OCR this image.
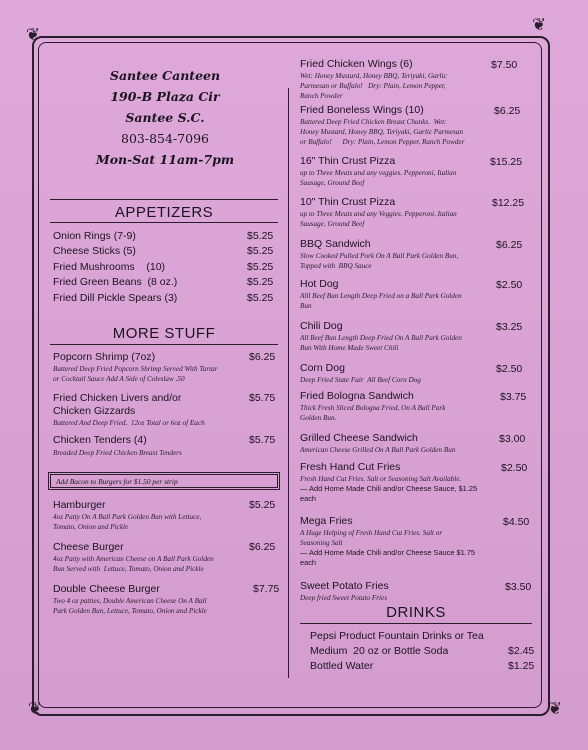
❦
❦
❦	❦
Santee Canteen
190-B Plaza Cir
Santee S.C.
803-854-7096
Mon-Sat 11am-7pm
APPETIZERS
Onion Rings (7-9)	$5.25
Cheese Sticks (5)	$5.25
Fried Mushrooms    (10)	$5.25
Fried Green Beans  (8 oz.)	$5.25
Fried Dill Pickle Spears (3)	$5.25
MORE STUFF
Popcorn Shrimp (7oz)	$6.25
Battered Deep Fried Popcorn Shrimp Served With Tartar
or Cocktail Sauce Add A Side of Coleslaw .50
Fried Chicken Livers and/or
Chicken Gizzards
$5.75
Battered And Deep Fried,  12oz Total or 6oz of Each
Chicken Tenders (4)	$5.75
Breaded Deep Fried Chicken Breast Tenders
Add Bacon to Burgers for $1.50 per strip
Hamburger	$5.25
4oz Patty On A Ball Park Golden Bun with Lettuce,
Tomato, Onion and Pickle
Cheese Burger	$6.25
4oz Patty with American Cheese on A Ball Park Golden
Bun Served with  Lettuce, Tomato, Onion and Pickle
Double Cheese Burger	$7.75
Two 4 oz patties, Double American Cheese On A Ball
Park Golden Bun, Lettuce, Tomato, Onion and Pickle
Fried Chicken Wings (6)	$7.50
Wet: Honey Mustard, Honey BBQ, Teriyaki, Garlic
Parmesan or Buffalo!   Dry: Plain, Lemon Pepper,
Ranch Powder
Fried Boneless Wings (10)	$6.25
Battered Deep Fried Chicken Breast Chunks.  Wet:
Honey Mustard, Honey BBQ, Teriyaki, Garlic Parmesan
or Buffalo!      Dry: Plain, Lemon Pepper, Ranch Powder
16" Thin Crust Pizza	$15.25
up to Three Meats and any veggies. Pepperoni, Italian
Sausage, Ground Beef
10" Thin Crust Pizza	$12.25
up to Three Meats and any Veggies. Pepperoni, Italian
Sausage, Ground Beef
BBQ Sandwich	$6.25
Slow Cooked Pulled Pork On A Ball Park Golden Bun,
Topped with  BBQ Sauce
Hot Dog	$2.50
Alll Beef Bun Length Deep Fried on a Ball Park Golden
Bun
Chili Dog	$3.25
All Beef Bun Length Deep Fried On A Ball Park Golden
Bun With Home Made Sweet Chili
Corn Dog	$2.50
Deep Fried State Fair  All Beef Corn Dog
Fried Bologna Sandwich	$3.75
Thick Fresh Sliced Bologna Fried, On A Ball Park
Golden Bun.
Grilled Cheese Sandwich	$3.00
American Cheese Grilled On A Ball Park Golden Bun
Fresh Hand Cut Fries	$2.50
Fresh Hand Cut Fries. Salt or Seasoning Salt Available.
— Add Home Made Chili and/or Cheese Sauce, $1.25
each
Mega Fries	$4.50
A Huge Helping of Fresh Hand Cut Fries. Salt or
Seasoning Salt
— Add Home Made Chili and/or Cheese Sauce $1.75
each
Sweet Potato Fries	$3.50
Deep fried Sweet Potato Fries
DRINKS
Pepsi Product Fountain Drinks or Tea
Medium  20 oz or Bottle Soda	$2.45
Bottled Water	$1.25
